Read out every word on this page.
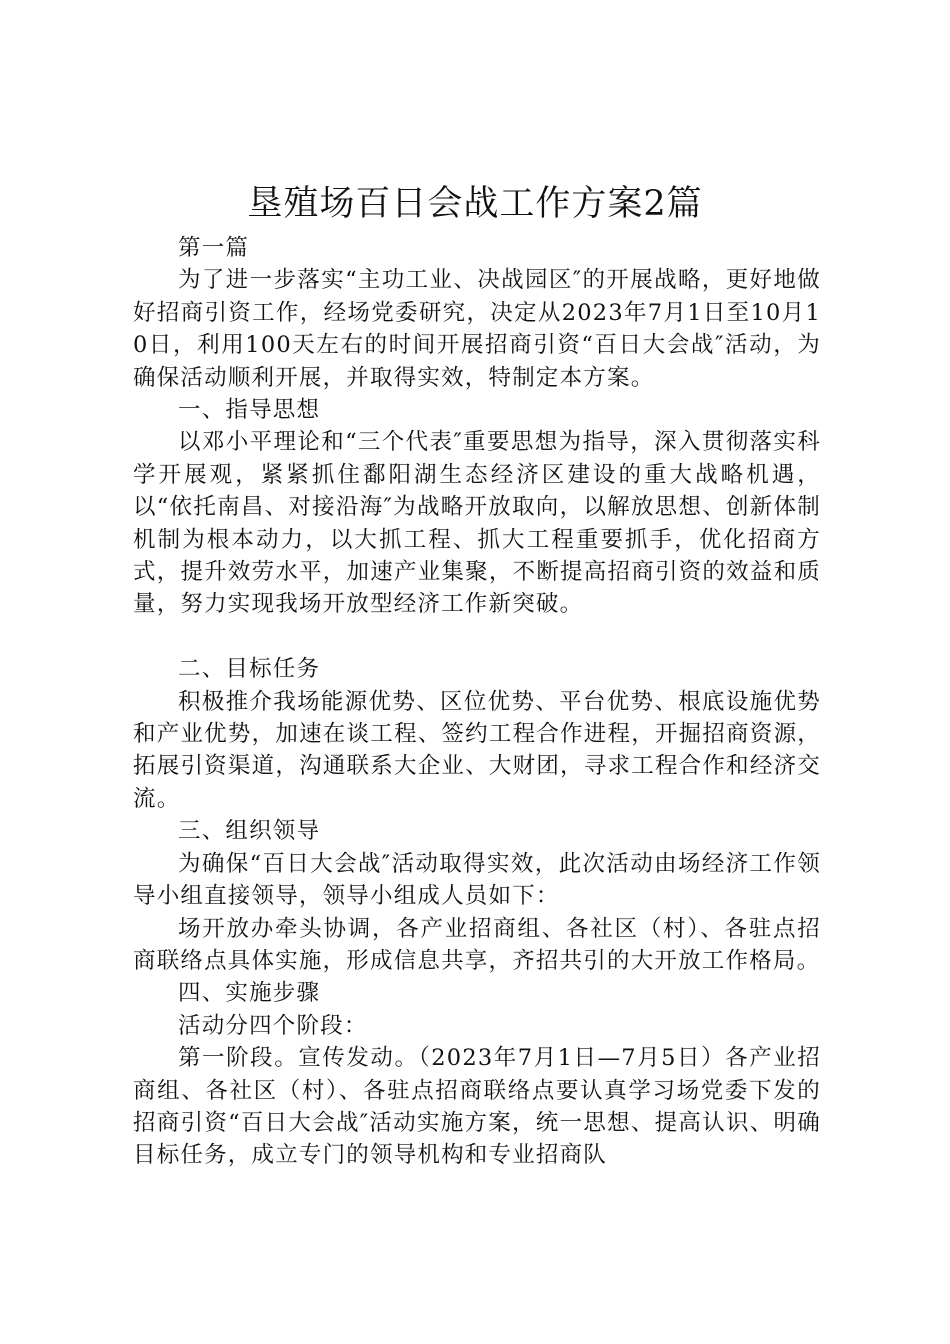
垦殖场百日会战工作方案2篇

第一篇

为了进一步落实“主功工业、决战园区″的开展战略，更好地做好招商引资工作，经场党委研究，决定从2023年7月1日至10月10日，利用100天左右的时间开展招商引资“百日大会战″活动，为确保活动顺利开展，并取得实效，特制定本方案。

一、指导思想

以邓小平理论和“三个代表″重要思想为指导，深入贯彻落实科学开展观，紧紧抓住鄱阳湖生态经济区建设的重大战略机遇，以“依托南昌、对接沿海″为战略开放取向，以解放思想、创新体制机制为根本动力，以大抓工程、抓大工程重要抓手，优化招商方式，提升效劳水平，加速产业集聚，不断提高招商引资的效益和质量，努力实现我场开放型经济工作新突破。

二、目标任务

积极推介我场能源优势、区位优势、平台优势、根底设施优势和产业优势，加速在谈工程、签约工程合作进程，开掘招商资源，拓展引资渠道，沟通联系大企业、大财团，寻求工程合作和经济交流。

三、组织领导

为确保“百日大会战″活动取得实效，此次活动由场经济工作领导小组直接领导，领导小组成人员如下：

场开放办牵头协调，各产业招商组、各社区（村）、各驻点招商联络点具体实施，形成信息共享，齐招共引的大开放工作格局。

四、实施步骤

活动分四个阶段：

第一阶段。宣传发动。（2023年7月1日—7月5日）各产业招商组、各社区（村）、各驻点招商联络点要认真学习场党委下发的招商引资“百日大会战″活动实施方案，统一思想、提高认识、明确目标任务，成立专门的领导机构和专业招商队
